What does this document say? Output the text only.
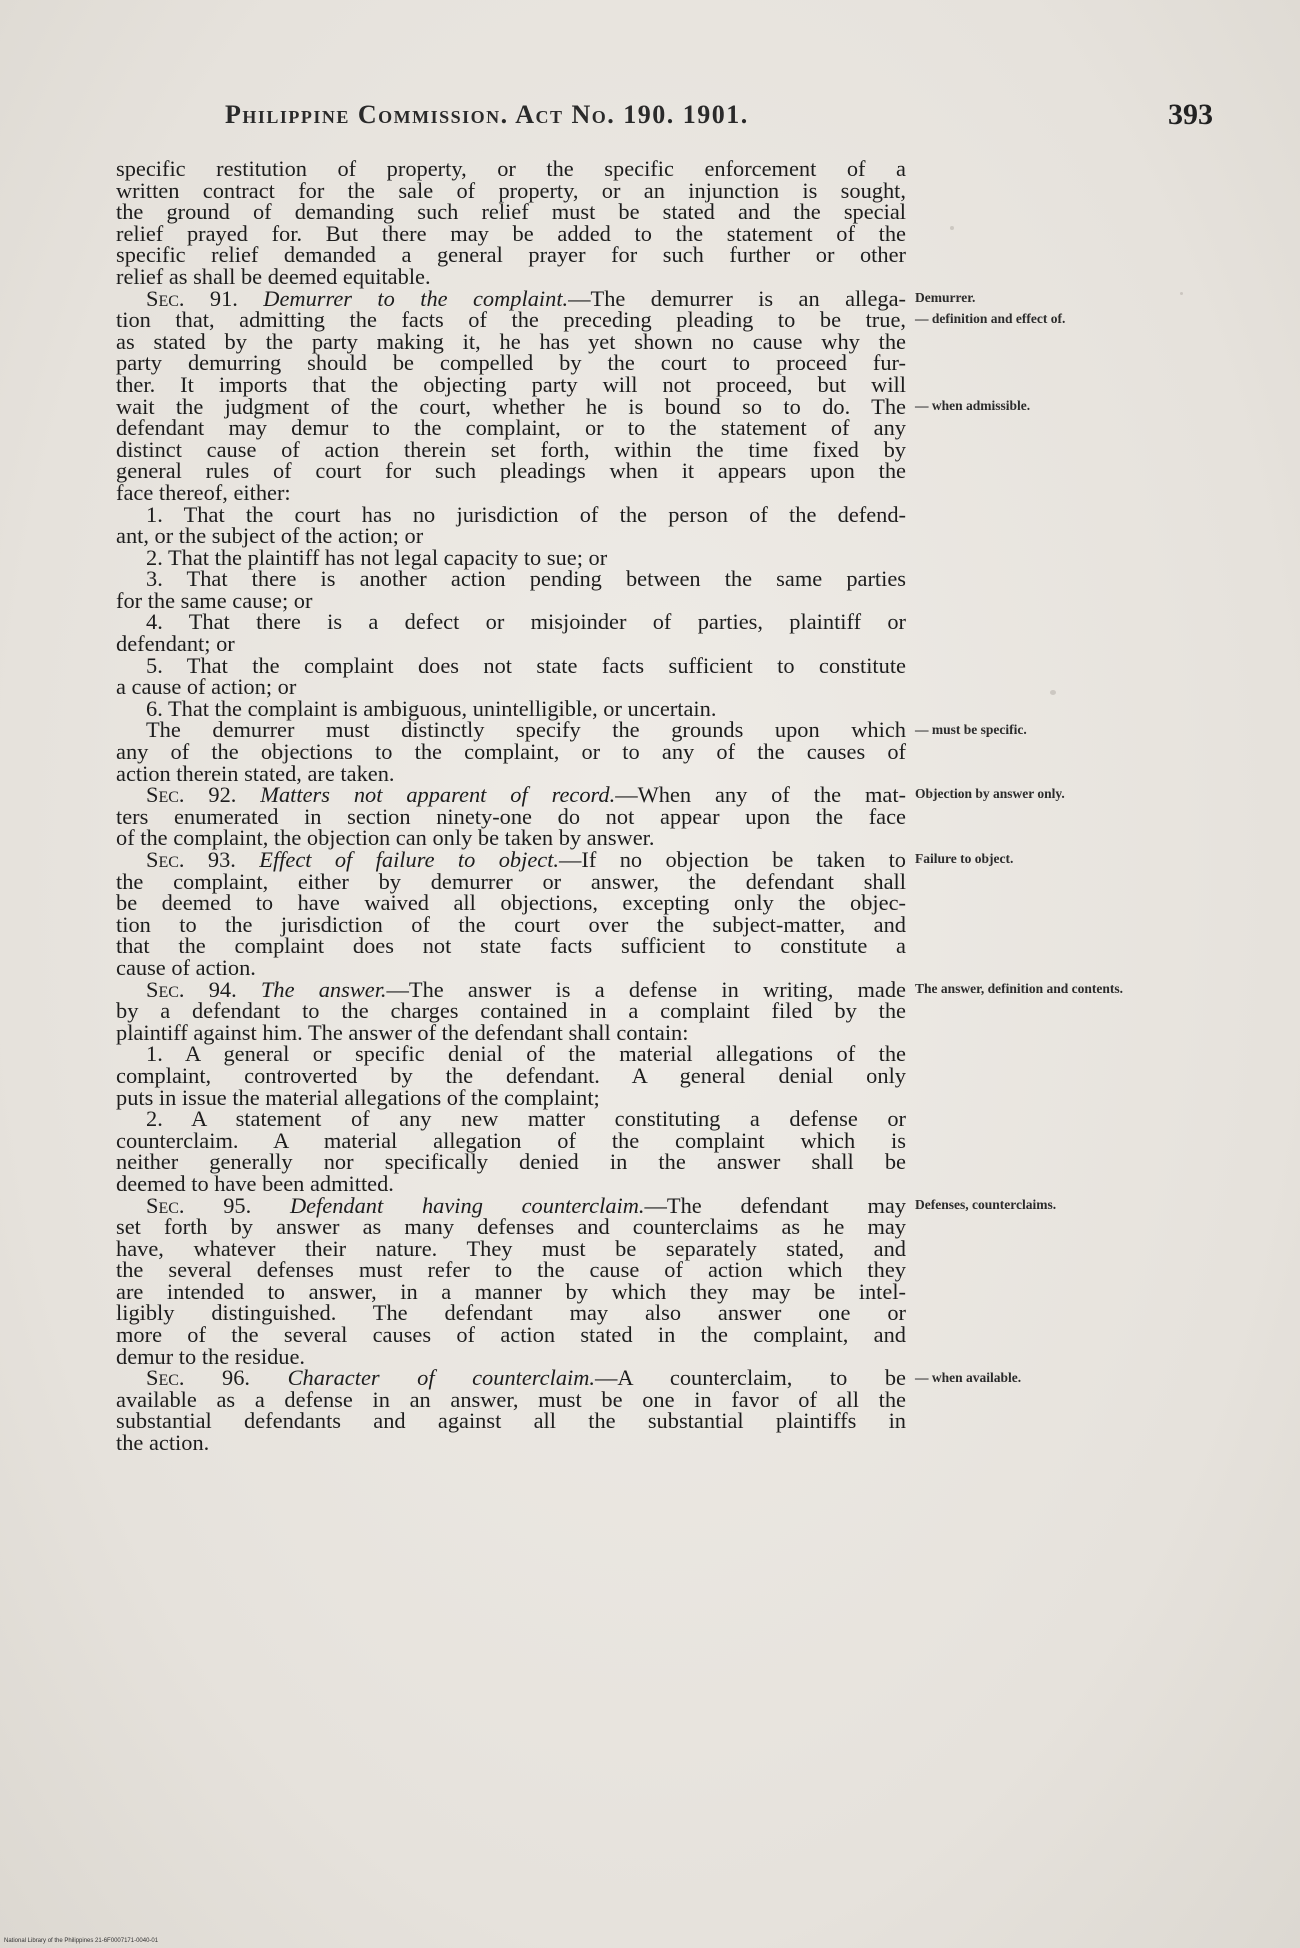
Philippine Commission. Act No. 190. 1901.	393
specific restitution of property, or the specific enforcement of a
written contract for the sale of property, or an injunction is sought,
the ground of demanding such relief must be stated and the special
relief prayed for. But there may be added to the statement of the
specific relief demanded a general prayer for such further or other
relief as shall be deemed equitable.
Sec. 91. Demurrer to the complaint.—The demurrer is an allega-
tion that, admitting the facts of the preceding pleading to be true,
as stated by the party making it, he has yet shown no cause why the
party demurring should be compelled by the court to proceed fur-
ther. It imports that the objecting party will not proceed, but will
wait the judgment of the court, whether he is bound so to do. The
defendant may demur to the complaint, or to the statement of any
distinct cause of action therein set forth, within the time fixed by
general rules of court for such pleadings when it appears upon the
face thereof, either:
1. That the court has no jurisdiction of the person of the defend-
ant, or the subject of the action; or
2. That the plaintiff has not legal capacity to sue; or
3. That there is another action pending between the same parties
for the same cause; or
4. That there is a defect or misjoinder of parties, plaintiff or
defendant; or
5. That the complaint does not state facts sufficient to constitute
a cause of action; or
6. That the complaint is ambiguous, unintelligible, or uncertain.
The demurrer must distinctly specify the grounds upon which
any of the objections to the complaint, or to any of the causes of
action therein stated, are taken.
Sec. 92. Matters not apparent of record.—When any of the mat-
ters enumerated in section ninety-one do not appear upon the face
of the complaint, the objection can only be taken by answer.
Sec. 93. Effect of failure to object.—If no objection be taken to
the complaint, either by demurrer or answer, the defendant shall
be deemed to have waived all objections, excepting only the objec-
tion to the jurisdiction of the court over the subject-matter, and
that the complaint does not state facts sufficient to constitute a
cause of action.
Sec. 94. The answer.—The answer is a defense in writing, made
by a defendant to the charges contained in a complaint filed by the
plaintiff against him. The answer of the defendant shall contain:
1. A general or specific denial of the material allegations of the
complaint, controverted by the defendant. A general denial only
puts in issue the material allegations of the complaint;
2. A statement of any new matter constituting a defense or
counterclaim. A material allegation of the complaint which is
neither generally nor specifically denied in the answer shall be
deemed to have been admitted.
Sec. 95. Defendant having counterclaim.—The defendant may
set forth by answer as many defenses and counterclaims as he may
have, whatever their nature. They must be separately stated, and
the several defenses must refer to the cause of action which they
are intended to answer, in a manner by which they may be intel-
ligibly distinguished. The defendant may also answer one or
more of the several causes of action stated in the complaint, and
demur to the residue.
Sec. 96. Character of counterclaim.—A counterclaim, to be
available as a defense in an answer, must be one in favor of all the
substantial defendants and against all the substantial plaintiffs in
the action.
Demurrer.
— definition and effect of.
— when admissible.
— must be specific.
Objection by answer only.
Failure to object.
The answer, definition and contents.
Defenses, counterclaims.
— when available.
National Library of the Philippines 21-6F0007171-0040-01
